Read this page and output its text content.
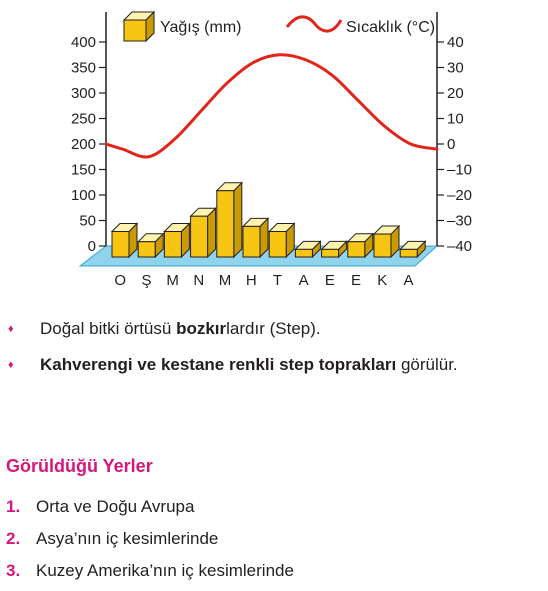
0
50
100
150
200
250
300
350
400
–40
–30
–20
–10
0
10
20
30
40
O Ş M N M H T A E E K A
Yağış (mm)	Sıcaklık (°C)
♦ Doğal bitki örtüsü bozkırlardır (Step).
♦ Kahverengi ve kestane renkli step toprakları görülür.
Görüldüğü Yerler
1. Orta ve Doğu Avrupa
2. Asya’nın iç kesimlerinde
3. Kuzey Amerika’nın iç kesimlerinde
